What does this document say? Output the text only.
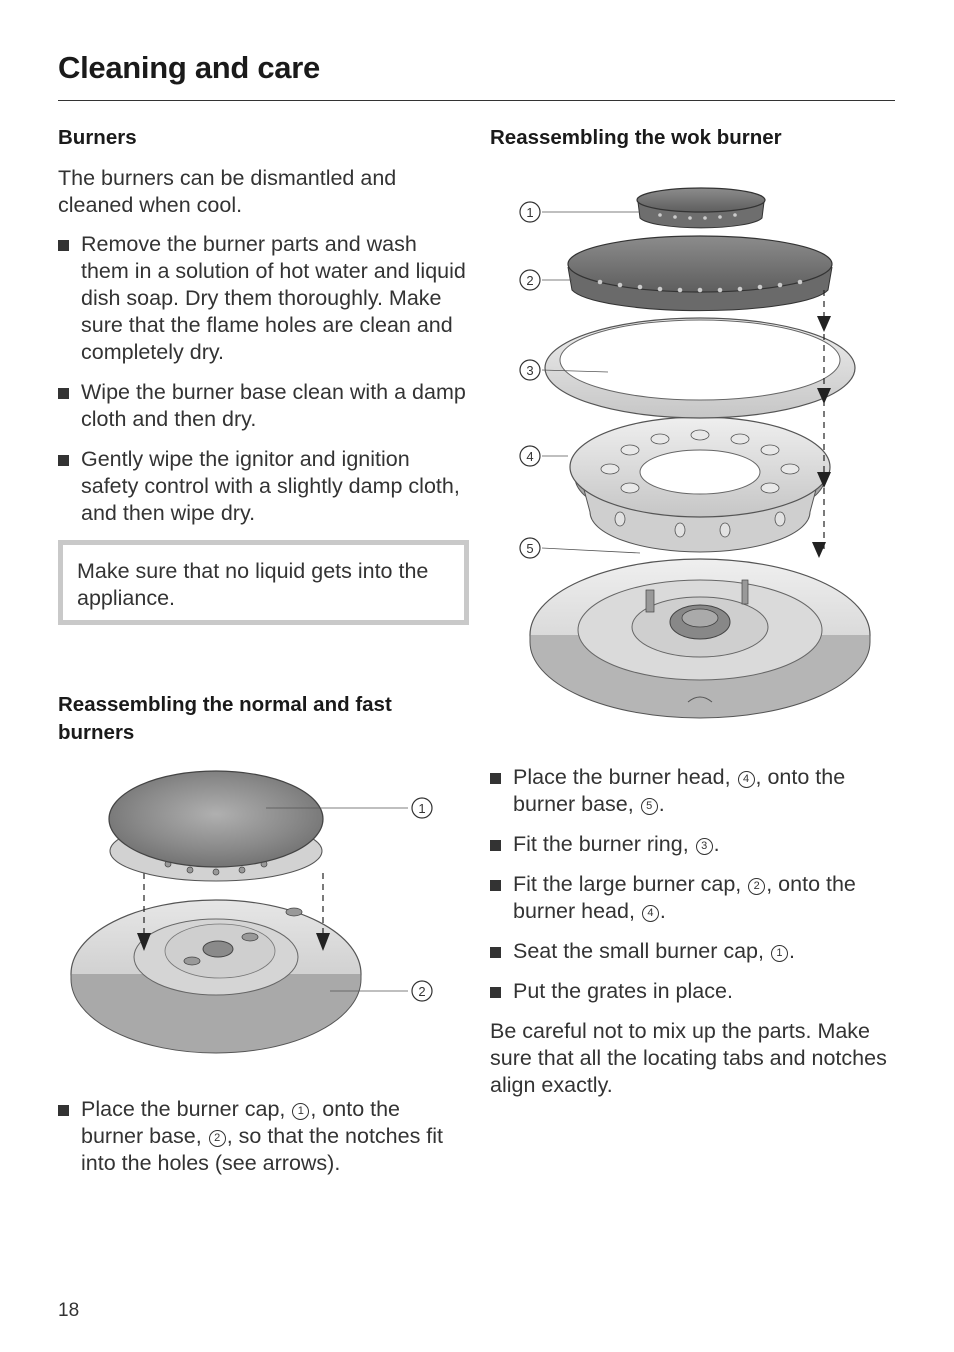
Cleaning and care
Burners

The burners can be dismantled and cleaned when cool.

Remove the burner parts and wash them in a solution of hot water and liquid dish soap. Dry them thoroughly. Make sure that the flame holes are clean and completely dry.
Wipe the burner base clean with a damp cloth and then dry.
Gently wipe the ignitor and ignition safety control with a slightly damp cloth, and then wipe dry.
Make sure that no liquid gets into the appliance.
Reassembling the normal and fast burners
1
2
Place the burner cap, 1 , onto the burner base, 2 , so that the notches fit into the holes (see arrows).
Reassembling the wok burner
1
2
3
4
5
Place the burner head, 4 , onto the burner base, 5 .
Fit the burner ring, 3 .
Fit the large burner cap, 2 , onto the burner head, 4 .
Seat the small burner cap, 1 .
Put the grates in place.

Be careful not to mix up the parts. Make sure that all the locating tabs and notches align exactly.

18
